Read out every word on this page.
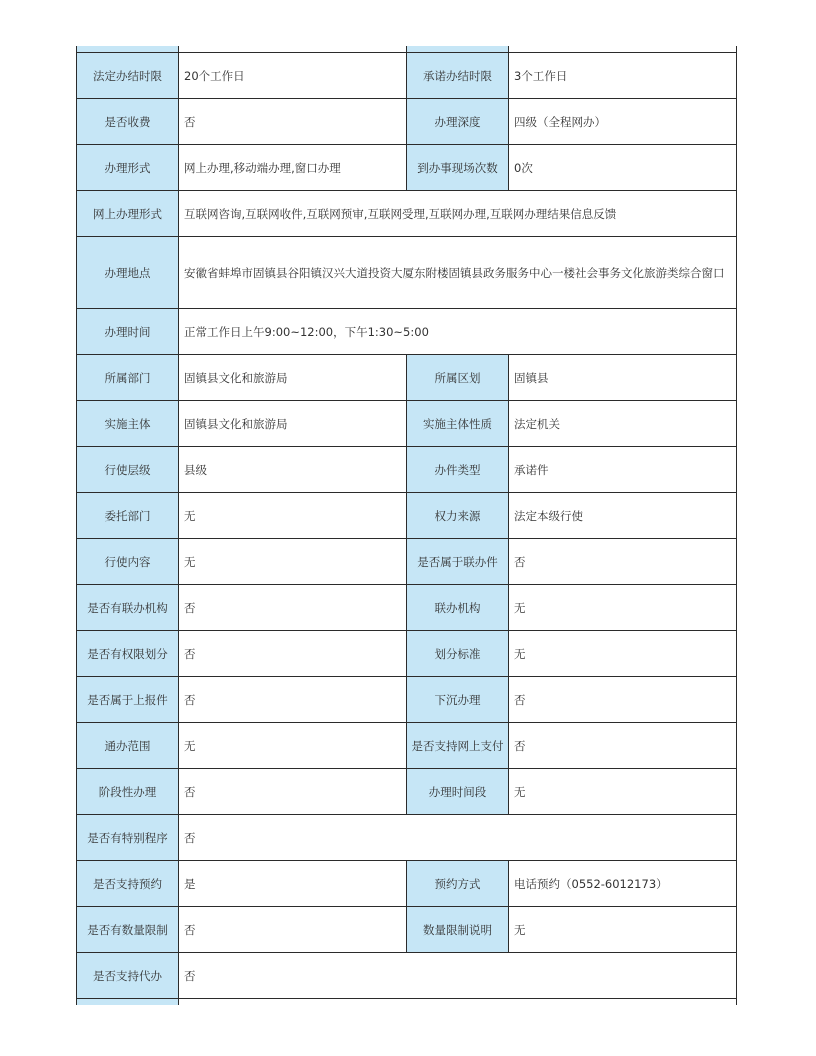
法定办结时限	20个工作日	承诺办结时限	3个工作日
是否收费	否	办理深度	四级（全程网办）
办理形式	网上办理,移动端办理,窗口办理	到办事现场次数	0次
网上办理形式	互联网咨询,互联网收件,互联网预审,互联网受理,互联网办理,互联网办理结果信息反馈		
办理地点	安徽省蚌埠市固镇县谷阳镇汉兴大道投资大厦东附楼固镇县政务服务中心一楼社会事务文化旅游类综合窗口		
办理时间	正常工作日上午9:00~12:00，下午1:30~5:00		
所属部门	固镇县文化和旅游局	所属区划	固镇县
实施主体	固镇县文化和旅游局	实施主体性质	法定机关
行使层级	县级	办件类型	承诺件
委托部门	无	权力来源	法定本级行使
行使内容	无	是否属于联办件	否
是否有联办机构	否	联办机构	无
是否有权限划分	否	划分标准	无
是否属于上报件	否	下沉办理	否
通办范围	无	是否支持网上支付	否
阶段性办理	否	办理时间段	无
是否有特别程序	否		
是否支持预约	是	预约方式	电话预约（0552-6012173）
是否有数量限制	否	数量限制说明	无
是否支持代办	否		
